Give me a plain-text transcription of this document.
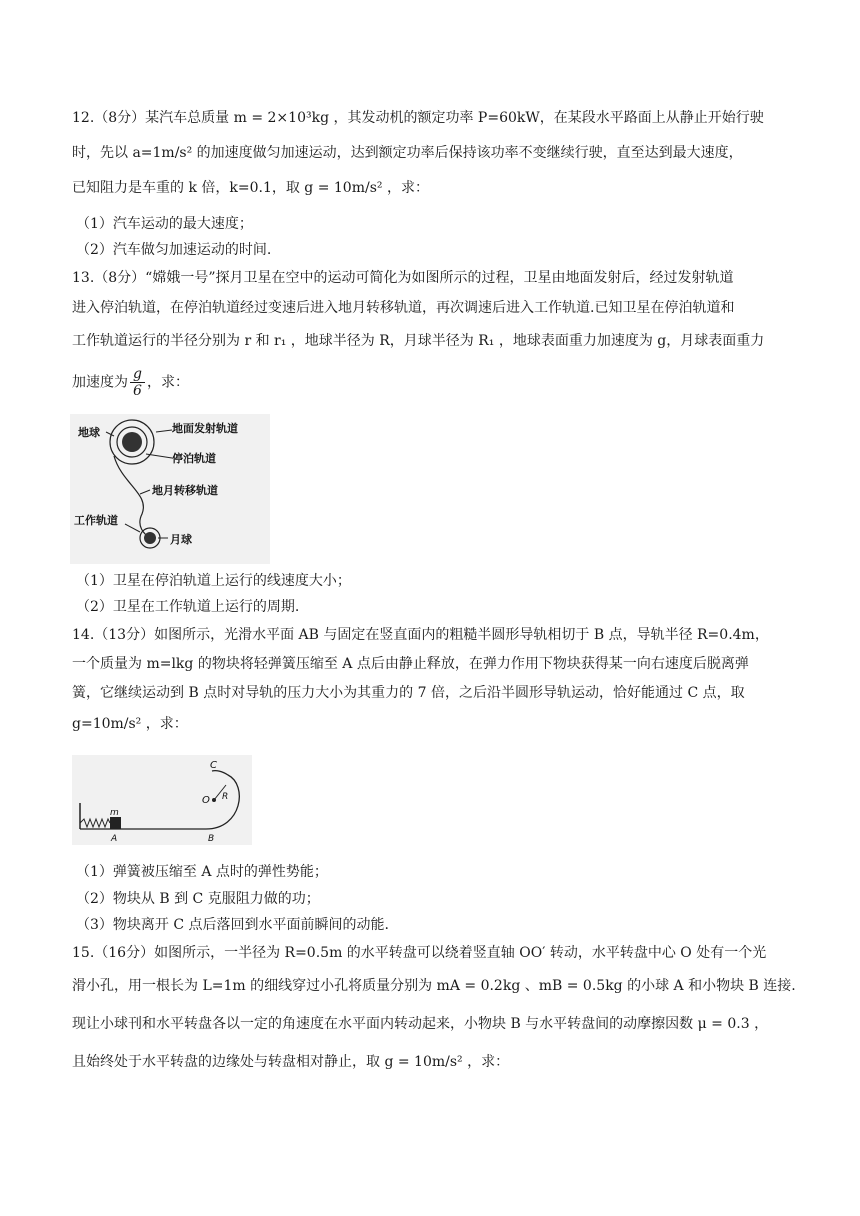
12.（8分）某汽车总质量 m = 2×10³kg ，其发动机的额定功率 P=60kW，在某段水平路面上从静止开始行驶
时，先以 a=1m/s² 的加速度做匀加速运动，达到额定功率后保持该功率不变继续行驶，直至达到最大速度，
已知阻力是车重的 k 倍，k=0.1，取 g = 10m/s² ，求：
（1）汽车运动的最大速度；
（2）汽车做匀加速运动的时间.
13.（8分）“嫦娥一号”探月卫星在空中的运动可简化为如图所示的过程，卫星由地面发射后，经过发射轨道
进入停泊轨道，在停泊轨道经过变速后进入地月转移轨道，再次调速后进入工作轨道.已知卫星在停泊轨道和
工作轨道运行的半径分别为 r 和 r₁ ，地球半径为 R，月球半径为 R₁ ，地球表面重力加速度为 g，月球表面重力
加速度为 $\frac{g}{6}$ ，求：
地球	地面发射轨道
停泊轨道
地月转移轨道
工作轨道
月球
（1）卫星在停泊轨道上运行的线速度大小；
（2）卫星在工作轨道上运行的周期.
14.（13分）如图所示，光滑水平面 AB 与固定在竖直面内的粗糙半圆形导轨相切于 B 点，导轨半径 R=0.4m，
一个质量为 m=lkg 的物块将轻弹簧压缩至 A 点后由静止释放，在弹力作用下物块获得某一向右速度后脱离弹
簧，它继续运动到 B 点时对导轨的压力大小为其重力的 7 倍，之后沿半圆形导轨运动，恰好能通过 C 点，取
g=10m/s² ，求：
C
O R
m
A	B
（1）弹簧被压缩至 A 点时的弹性势能；
（2）物块从 B 到 C 克服阻力做的功；
（3）物块离开 C 点后落回到水平面前瞬间的动能.
15.（16分）如图所示，一半径为 R=0.5m 的水平转盘可以绕着竖直轴 OO′ 转动，水平转盘中心 O 处有一个光
滑小孔，用一根长为 L=1m 的细线穿过小孔将质量分别为 mA = 0.2kg 、mB = 0.5kg 的小球 A 和小物块 B 连接.
现让小球刊和水平转盘各以一定的角速度在水平面内转动起来，小物块 B 与水平转盘间的动摩擦因数 μ = 0.3 ，
且始终处于水平转盘的边缘处与转盘相对静止，取 g = 10m/s² ，求：
